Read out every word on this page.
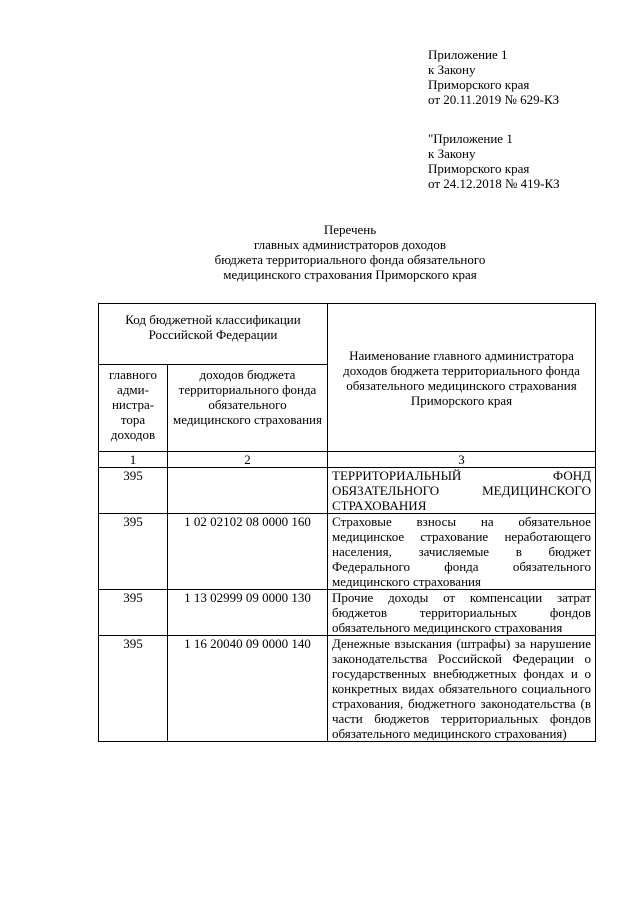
Приложение 1
к Закону
Приморского края
от 20.11.2019 № 629-КЗ
"Приложение 1
к Закону
Приморского края
от 24.12.2018 № 419-КЗ
Перечень
главных администраторов доходов
бюджета территориального фонда обязательного
медицинского страхования Приморского края
Код бюджетной классификации Российской Федерации		Наименование главного администратора доходов бюджета территориального фонда обязательного медицинского страхования Приморского края
главного адми-нистра-тора доходов	доходов бюджета территориального фонда обязательного медицинского страхования	
1	2	3
395		ТЕРРИТОРИАЛЬНЫЙ ФОНД ОБЯЗАТЕЛЬНОГО МЕДИЦИНСКОГО СТРАХОВАНИЯ
395	1 02 02102 08 0000 160	Страховые взносы на обязательное медицинское страхование неработающего населения, зачисляемые в бюджет Федерального фонда обязательного медицинского страхования
395	1 13 02999 09 0000 130	Прочие доходы от компенсации затрат бюджетов территориальных фондов обязательного медицинского страхования
395	1 16 20040 09 0000 140	Денежные взыскания (штрафы) за нарушение законодательства Российской Федерации о государственных внебюджетных фондах и о конкретных видах обязательного социального страхования, бюджетного законодательства (в части бюджетов территориальных фондов обязательного медицинского страхования)
